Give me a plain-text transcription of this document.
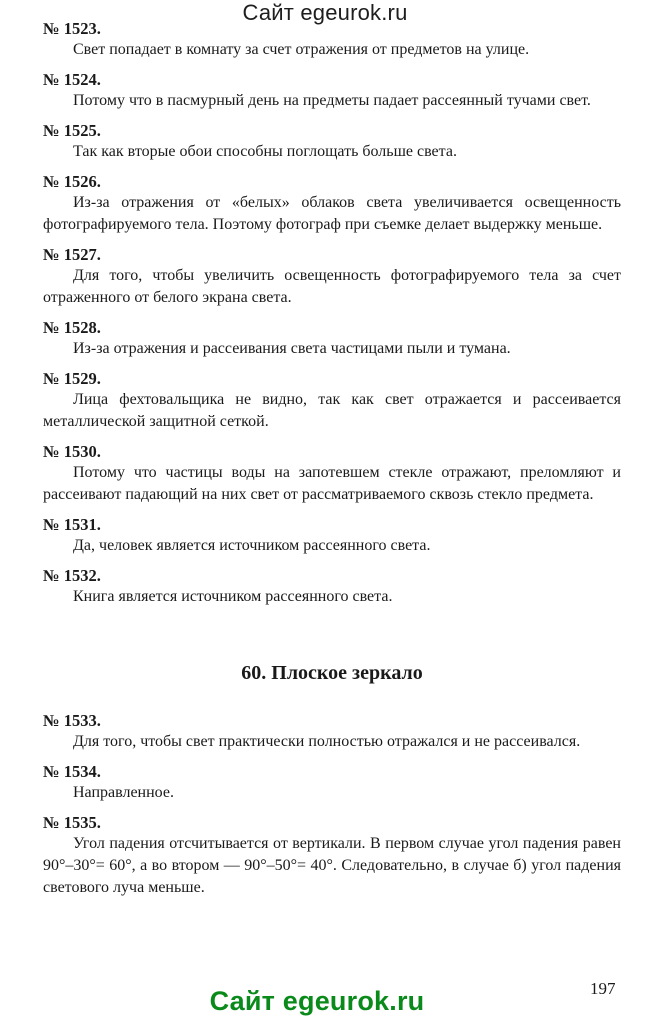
Сайт egeurok.ru

№ 1523.

Свет попадает в комнату за счет отражения от предметов на улице.

№ 1524.

Потому что в пасмурный день на предметы падает рассеянный тучами свет.

№ 1525.

Так как вторые обои способны поглощать больше света.

№ 1526.

Из-за отражения от «белых» облаков света увеличивается освещенность фотографируемого тела. Поэтому фотограф при съемке делает выдержку меньше.

№ 1527.

Для того, чтобы увеличить освещенность фотографируемого тела за счет отраженного от белого экрана света.

№ 1528.

Из-за отражения и рассеивания света частицами пыли и тумана.

№ 1529.

Лица фехтовальщика не видно, так как свет отражается и рассеивается металлической защитной сеткой.

№ 1530.

Потому что частицы воды на запотевшем стекле отражают, преломляют и рассеивают падающий на них свет от рассматриваемого сквозь стекло предмета.

№ 1531.

Да, человек является источником рассеянного света.

№ 1532.

Книга является источником рассеянного света.

60. Плоское зеркало

№ 1533.

Для того, чтобы свет практически полностью отражался и не рассеивался.

№ 1534.

Направленное.

№ 1535.

Угол падения отсчитывается от вертикали. В первом случае угол падения равен 90°–30°= 60°, а во втором — 90°–50°= 40°. Следовательно, в случае б) угол падения светового луча меньше.

197
Сайт egeurok.ru
